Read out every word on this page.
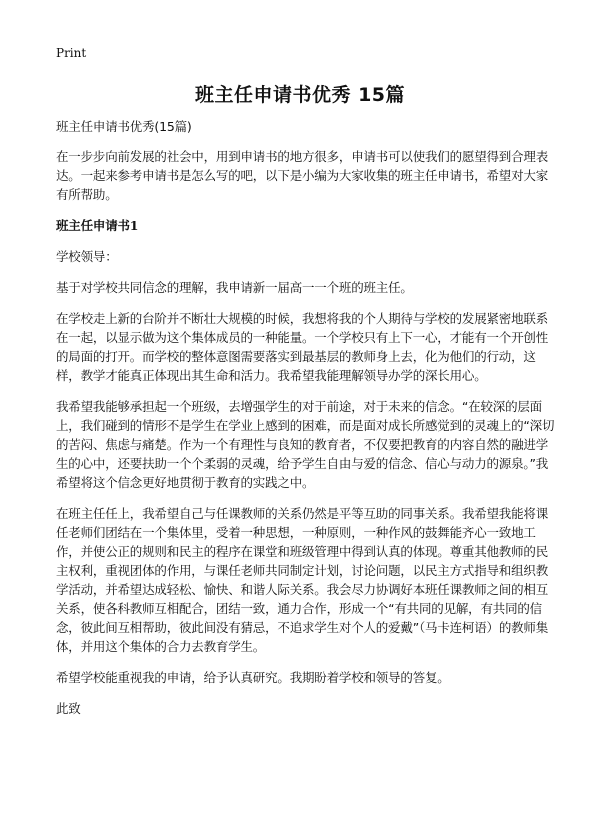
Print
班主任申请书优秀 15篇

班主任申请书优秀(15篇)

在一步步向前发展的社会中，用到申请书的地方很多，申请书可以使我们的愿望得到合理表达。一起来参考申请书是怎么写的吧，以下是小编为大家收集的班主任申请书，希望对大家有所帮助。

班主任申请书1

学校领导：

基于对学校共同信念的理解，我申请新一届高一一个班的班主任。

在学校走上新的台阶并不断壮大规模的时候，我想将我的个人期待与学校的发展紧密地联系在一起，以显示做为这个集体成员的一种能量。一个学校只有上下一心，才能有一个开创性的局面的打开。而学校的整体意图需要落实到最基层的教师身上去，化为他们的行动，这样，教学才能真正体现出其生命和活力。我希望我能理解领导办学的深长用心。

我希望我能够承担起一个班级，去增强学生的对于前途，对于未来的信念。“在较深的层面上，我们碰到的情形不是学生在学业上感到的困难，而是面对成长所感觉到的灵魂上的“深切的苦闷、焦虑与痛楚。作为一个有理性与良知的教育者，不仅要把教育的内容自然的融进学生的心中，还要扶助一个个柔弱的灵魂，给予学生自由与爱的信念、信心与动力的源泉。”我希望将这个信念更好地贯彻于教育的实践之中。

在班主任任上，我希望自己与任课教师的关系仍然是平等互助的同事关系。我希望我能将课任老师们团结在一个集体里，受着一种思想，一种原则，一种作风的鼓舞能齐心一致地工作，并使公正的规则和民主的程序在课堂和班级管理中得到认真的体现。尊重其他教师的民主权利，重视团体的作用，与课任老师共同制定计划，讨论问题，以民主方式指导和组织教学活动，并希望达成轻松、愉快、和谐人际关系。我会尽力协调好本班任课教师之间的相互关系，使各科教师互相配合，团结一致，通力合作，形成一个“有共同的见解，有共同的信念，彼此间互相帮助，彼此间没有猜忌，不追求学生对个人的爱戴”（马卡连柯语）的教师集体，并用这个集体的合力去教育学生。

希望学校能重视我的申请，给予认真研究。我期盼着学校和领导的答复。

此致
